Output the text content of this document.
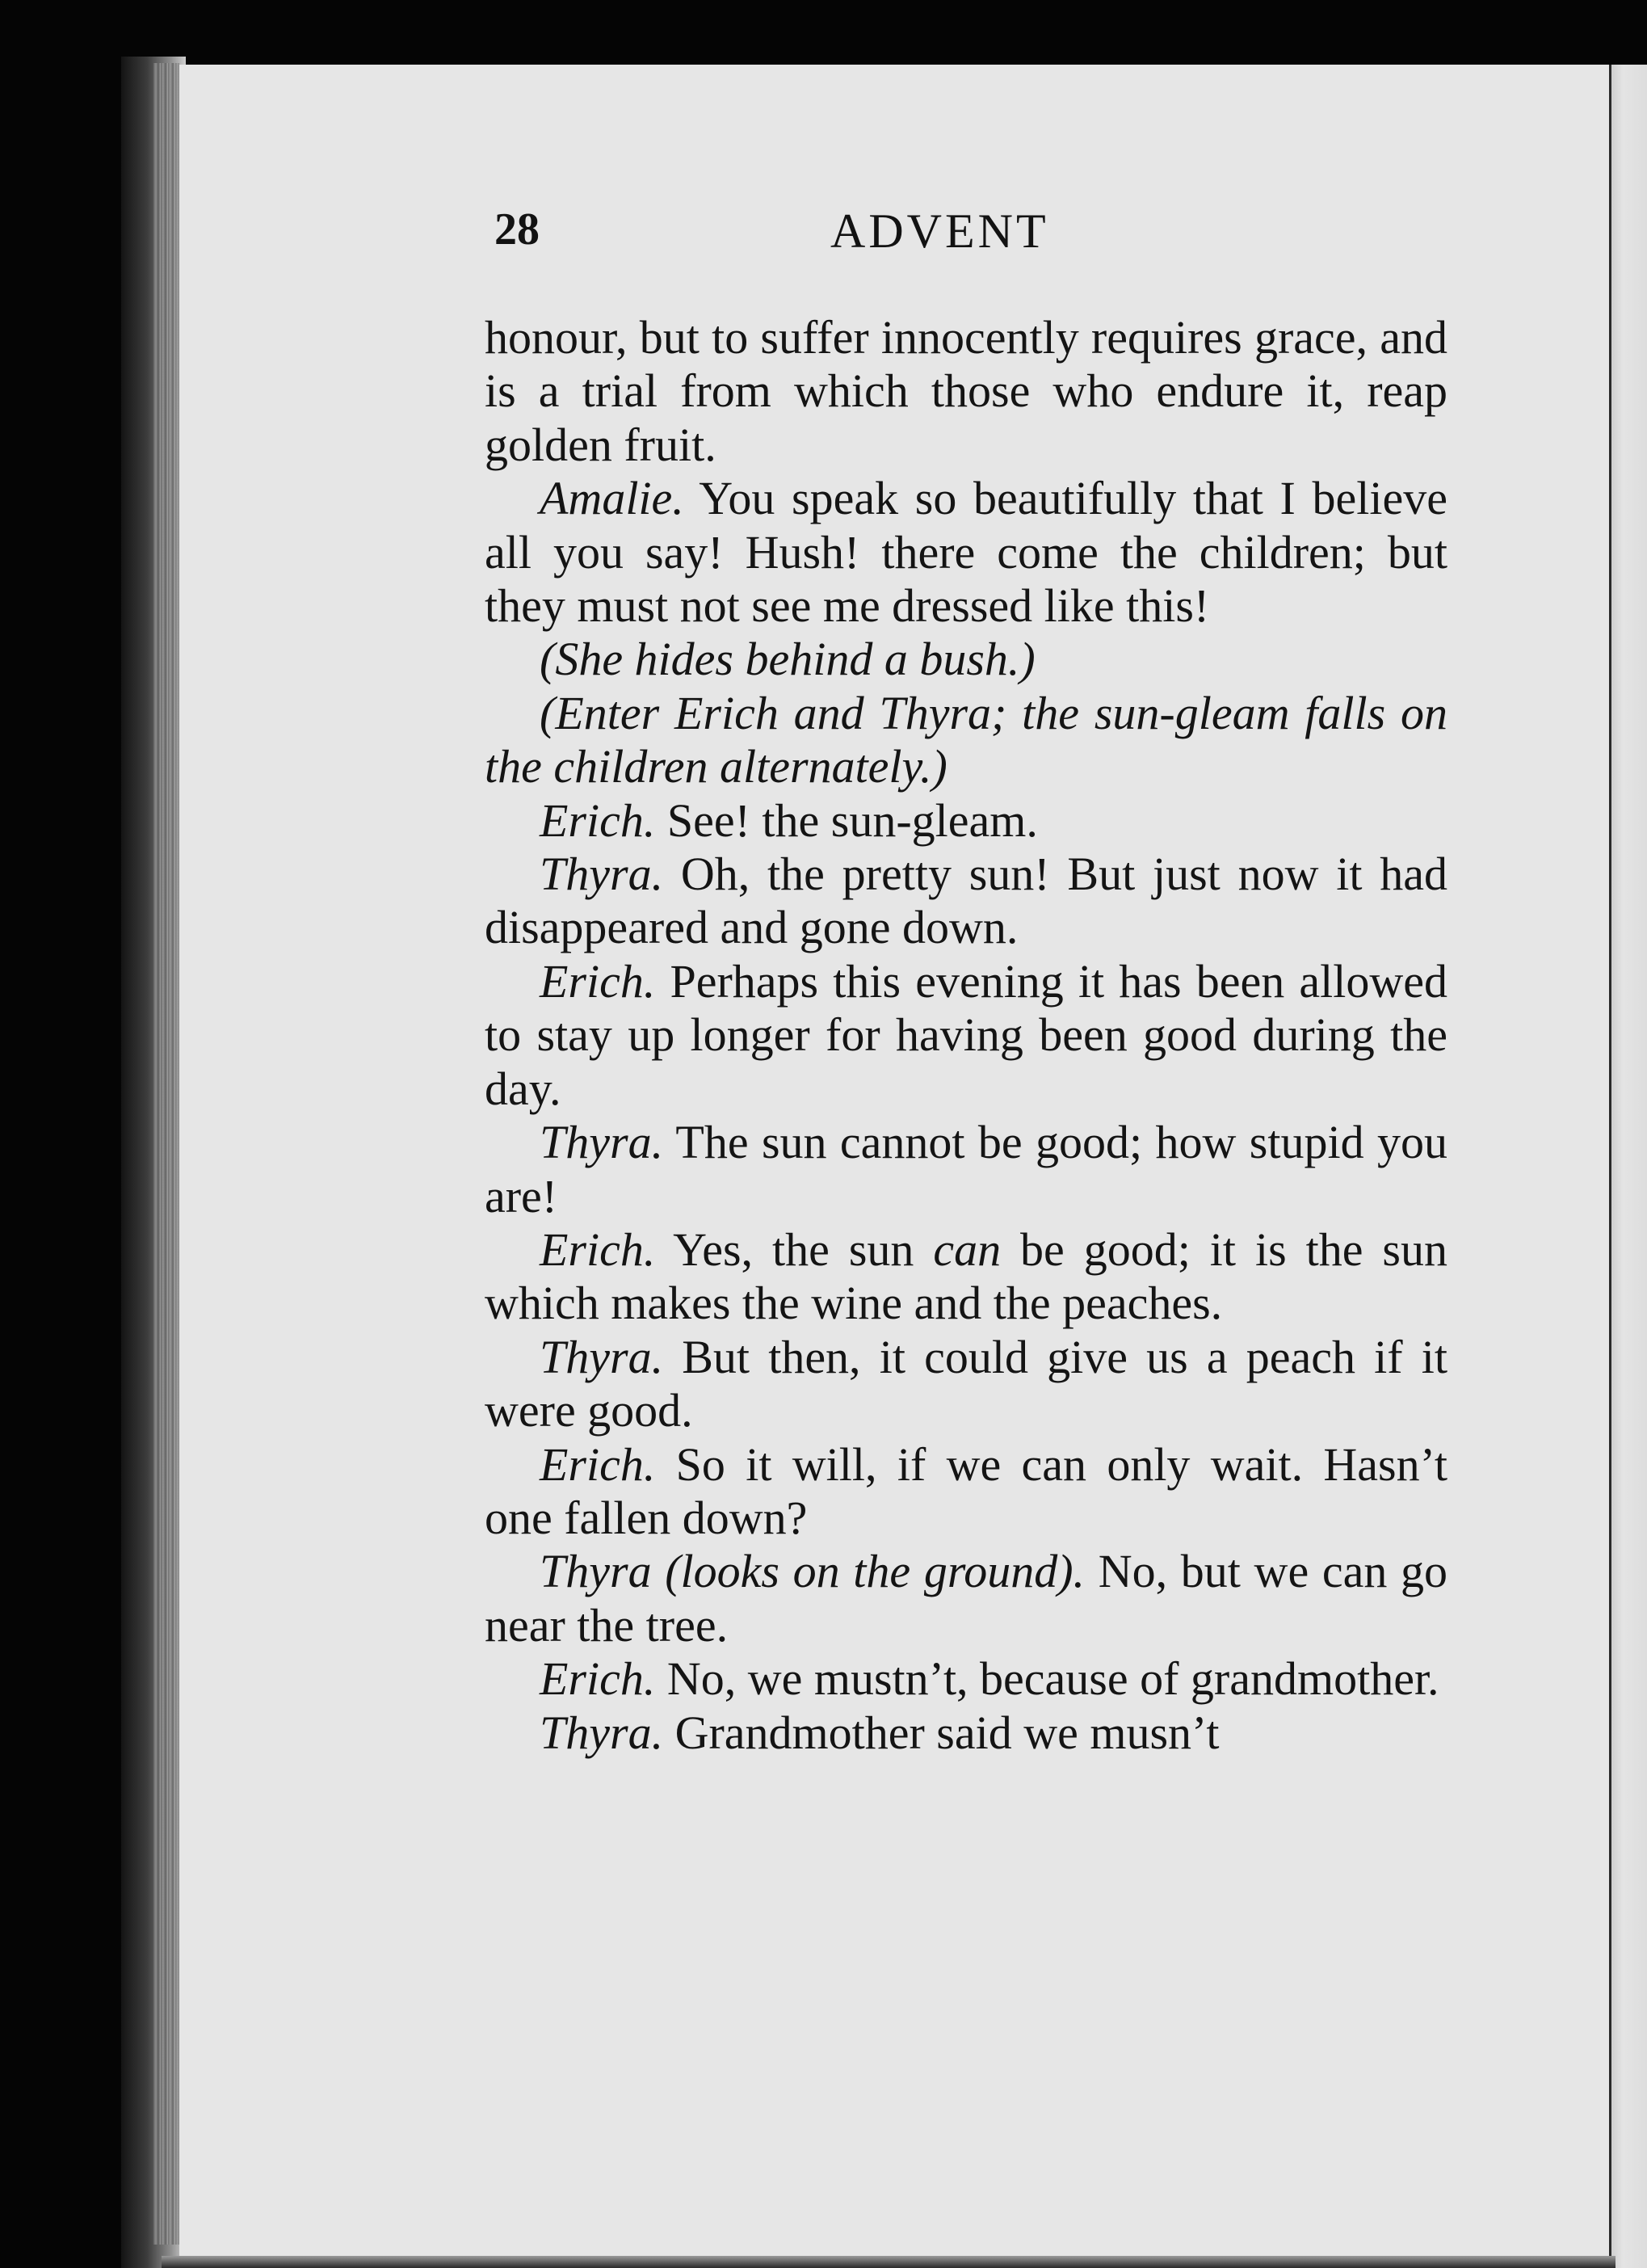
28	ADVENT

honour, but to suffer innocently requires grace, and is a trial from which those who endure it, reap golden fruit.

Amalie. You speak so beautifully that I believe all you say! Hush! there come the children; but they must not see me dressed like this!

(She hides behind a bush.)

(Enter Erich and Thyra; the sun-gleam falls on the children alternately.)

Erich. See! the sun-gleam.

Thyra. Oh, the pretty sun! But just now it had disappeared and gone down.

Erich. Perhaps this evening it has been allowed to stay up longer for having been good during the day.

Thyra. The sun cannot be good; how stupid you are!

Erich. Yes, the sun can be good; it is the sun which makes the wine and the peaches.

Thyra. But then, it could give us a peach if it were good.

Erich. So it will, if we can only wait. Hasn’t one fallen down?

Thyra (looks on the ground). No, but we can go near the tree.

Erich. No, we mustn’t, because of grandmother.

Thyra. Grandmother said we musn’t
